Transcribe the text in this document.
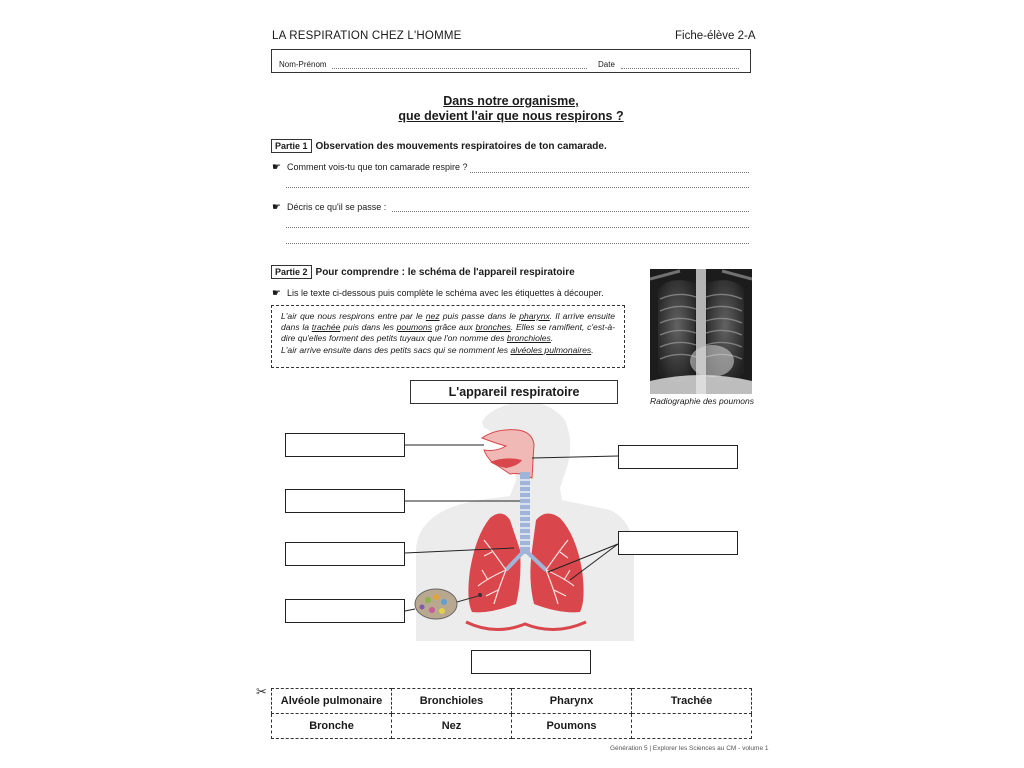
LA RESPIRATION CHEZ L'HOMME	Fiche-élève 2-A
Nom-Prénom	Date
Dans notre organisme,
que devient l'air que nous respirons ?
Partie 1 Observation des mouvements respiratoires de ton camarade.
☛ Comment vois-tu que ton camarade respire ?
☛ Décris ce qu'il se passe :
Partie 2 Pour comprendre : le schéma de l'appareil respiratoire
☛ Lis le texte ci-dessous puis complète le schéma avec les étiquettes à découper.
L'air que nous respirons entre par le nez puis passe dans le pharynx. Il arrive ensuite dans la trachée puis dans les poumons grâce aux bronches. Elles se ramifient, c'est-à-dire qu'elles forment des petits tuyaux que l'on nomme des bronchioles.
L'air arrive ensuite dans des petits sacs qui se nomment les alvéoles pulmonaires.
Radiographie des poumons
L'appareil respiratoire
✂
Alvéole pulmonaire	Bronchioles	Pharynx	Trachée
Bronche	Nez	Poumons	
Génération 5 | Explorer les Sciences au CM - volume 1
